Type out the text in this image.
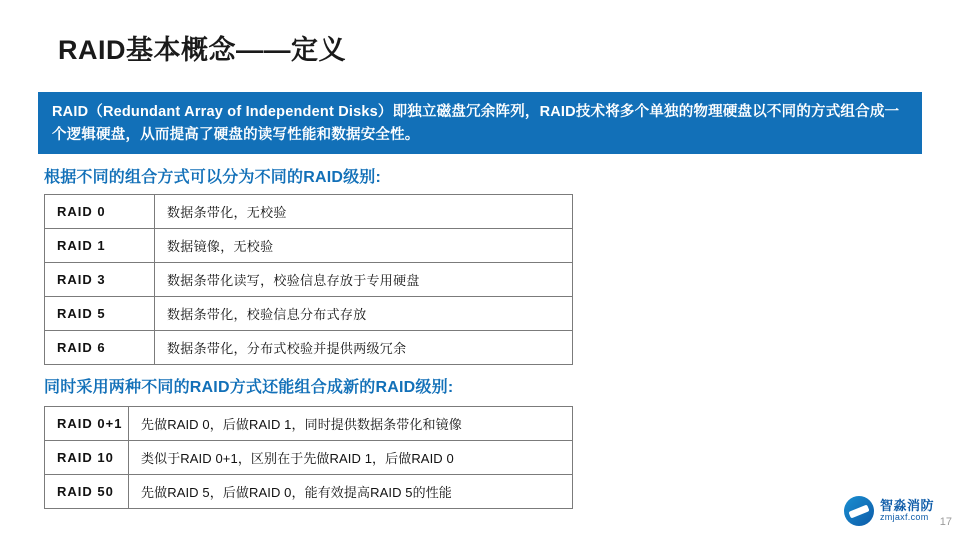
RAID基本概念——定义
RAID（Redundant Array of Independent Disks）即独立磁盘冗余阵列，RAID技术将多个单独的物理硬盘以不同的方式组合成一个逻辑硬盘，从而提高了硬盘的读写性能和数据安全性。
根据不同的组合方式可以分为不同的RAID级别:
RAID 0	数据条带化，无校验
RAID 1	数据镜像，无校验
RAID 3	数据条带化读写，校验信息存放于专用硬盘
RAID 5	数据条带化，校验信息分布式存放
RAID 6	数据条带化，分布式校验并提供两级冗余
同时采用两种不同的RAID方式还能组合成新的RAID级别:
RAID 0+1	先做RAID 0，后做RAID 1，同时提供数据条带化和镜像
RAID 10	类似于RAID 0+1，区别在于先做RAID 1，后做RAID 0
RAID 50	先做RAID 5，后做RAID 0，能有效提高RAID 5的性能
智淼消防
zmjaxf.com	17
